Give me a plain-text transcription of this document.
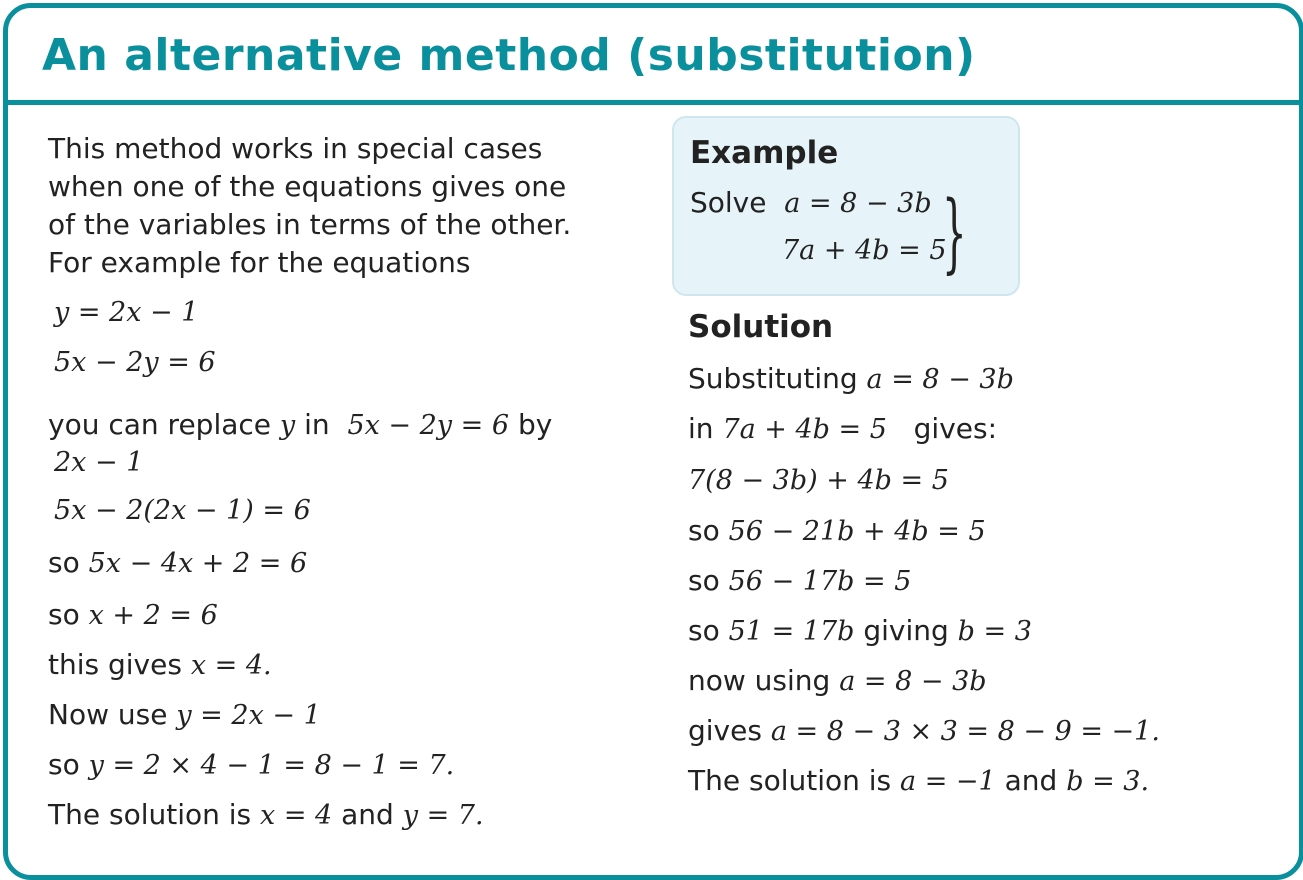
An alternative method (substitution)
This method works in special cases
when one of the equations gives one
of the variables in terms of the other.
For example for the equations
y = 2x − 1
5x − 2y = 6
you can replace y in 5x − 2y = 6 by
2x − 1
5x − 2(2x − 1) = 6
so 5x − 4x + 2 = 6
so x + 2 = 6
this gives x = 4.
Now use y = 2x − 1
so y = 2 × 4 − 1 = 8 − 1 = 7.
The solution is x = 4 and y = 7.
Example
Solve a = 8 − 3b
7a + 4b = 5
}
Solution
Substituting a = 8 − 3b
in 7a + 4b = 5 gives:
7(8 − 3b) + 4b = 5
so 56 − 21b + 4b = 5
so 56 − 17b = 5
so 51 = 17b giving b = 3
now using a = 8 − 3b
gives a = 8 − 3 × 3 = 8 − 9 = −1.
The solution is a = −1 and b = 3.
